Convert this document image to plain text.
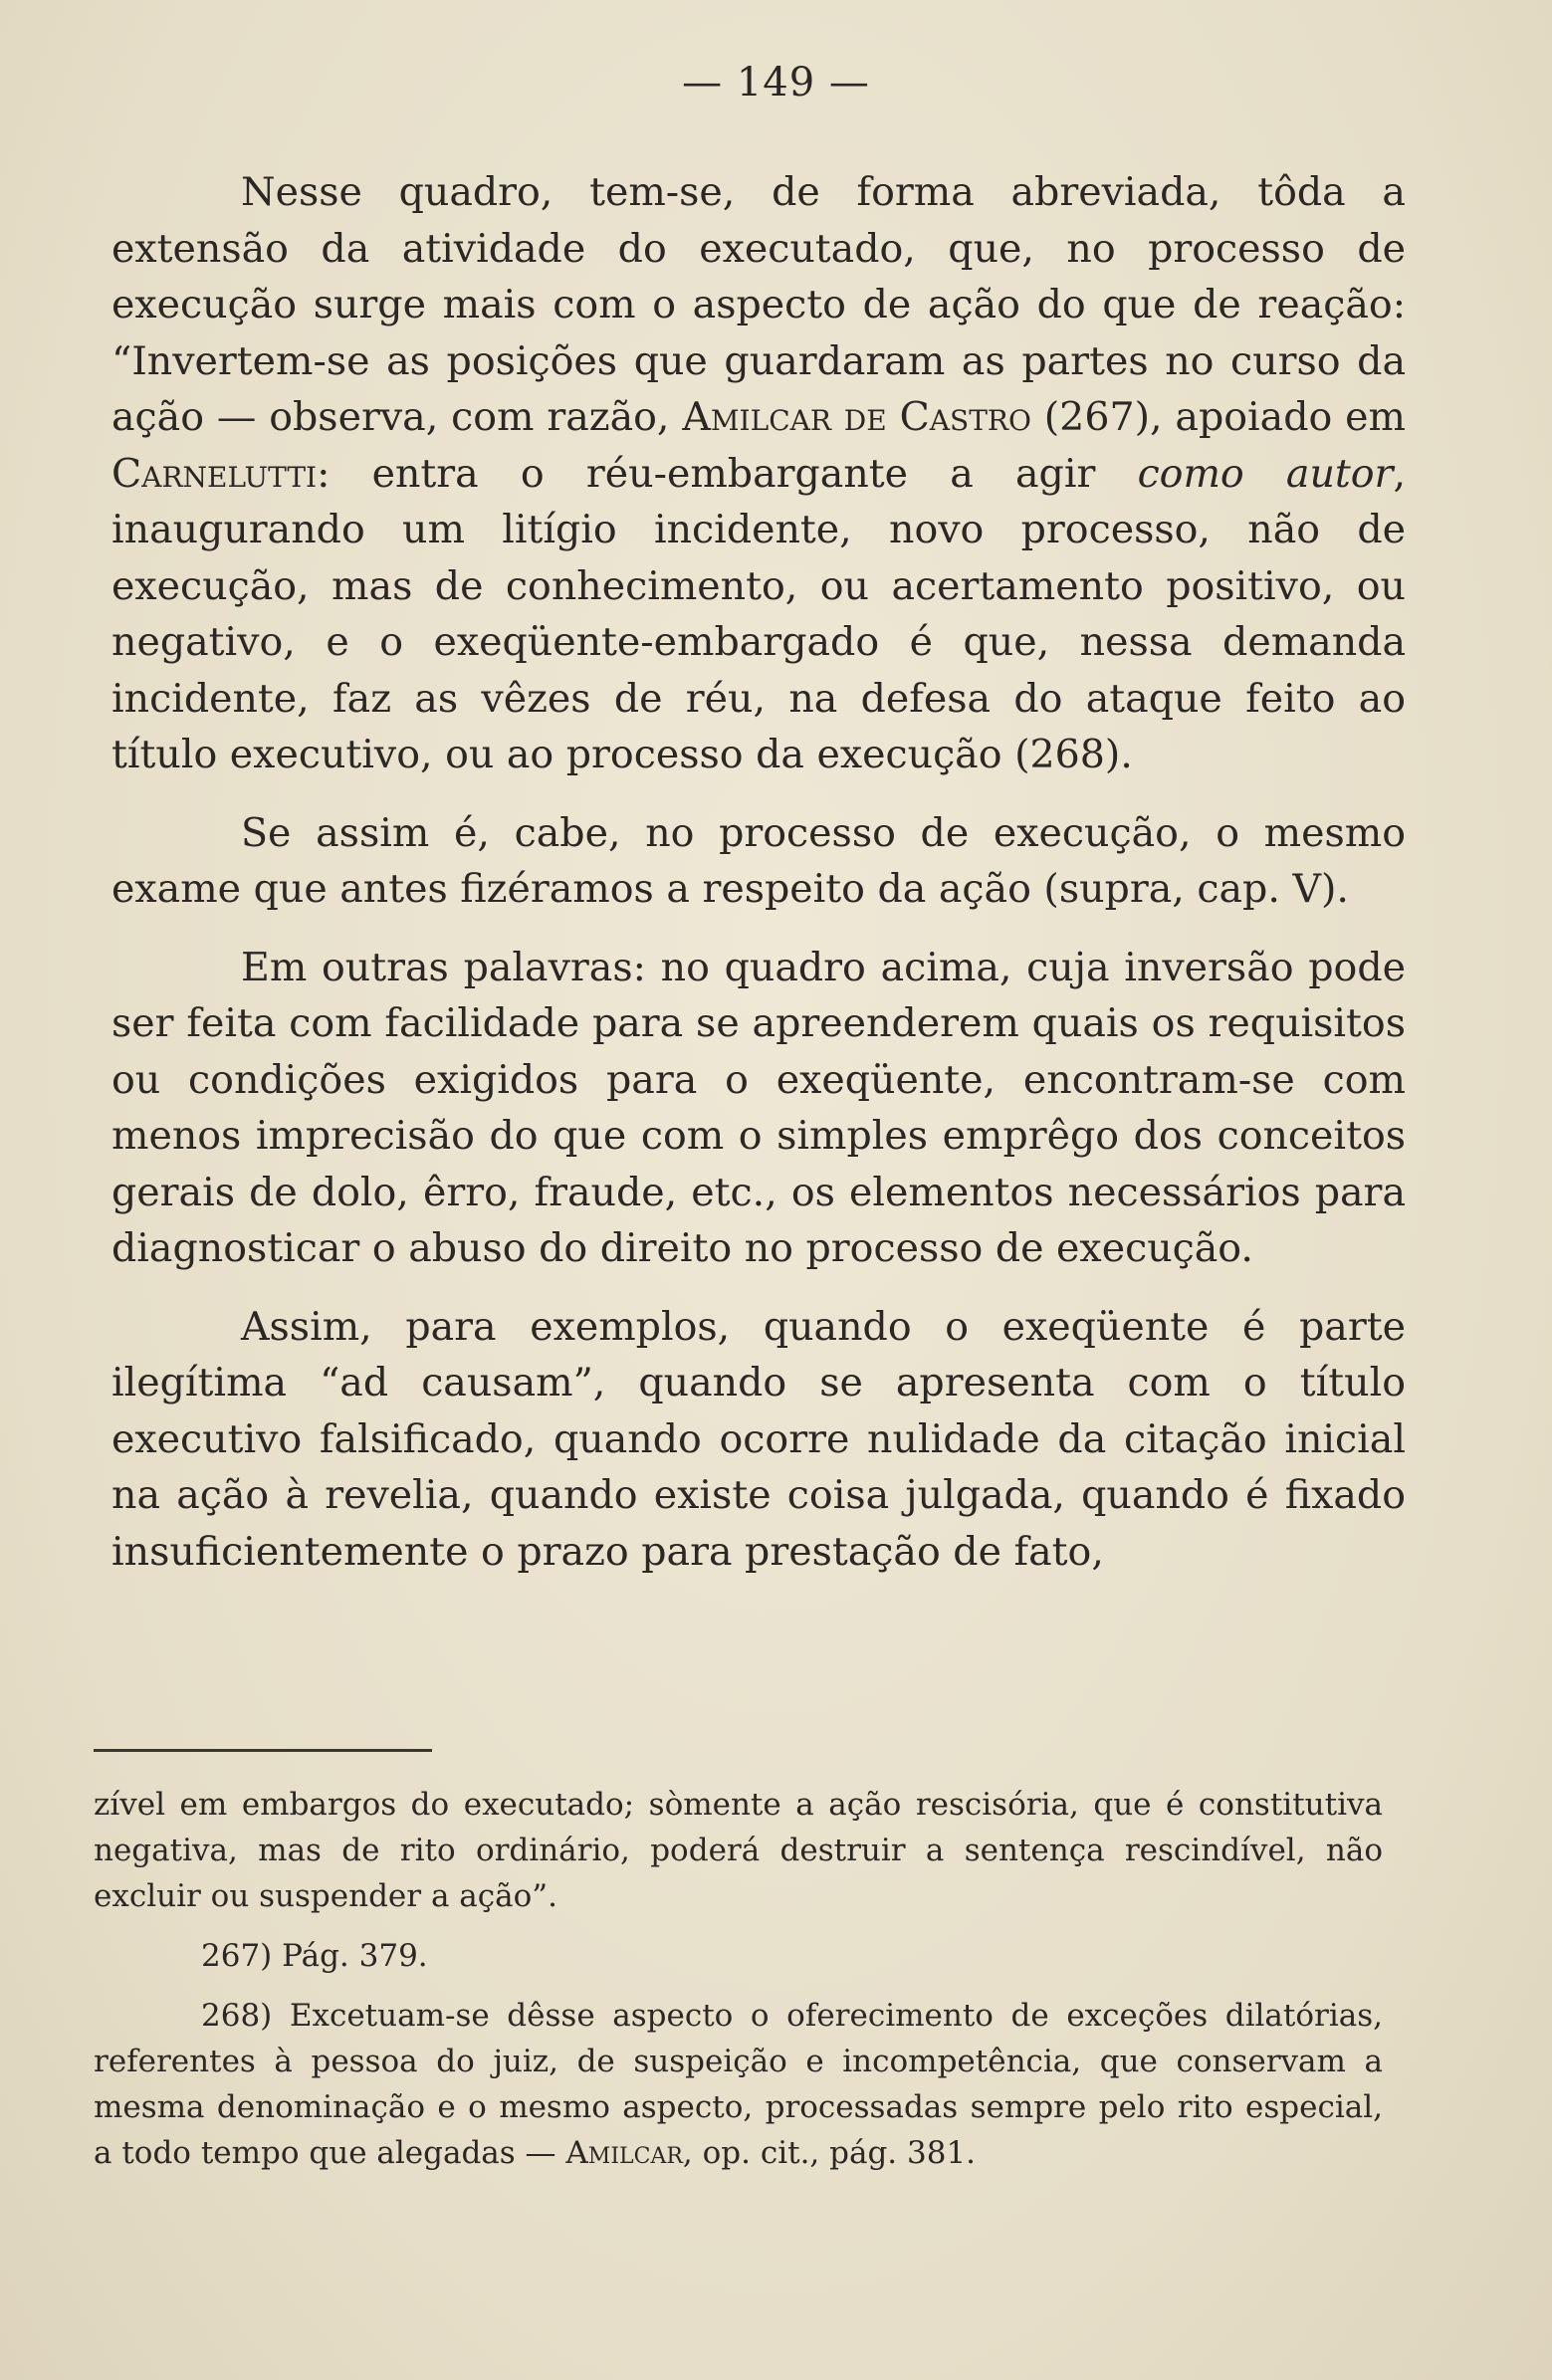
— 149 —

Nesse quadro, tem-se, de forma abreviada, tôda a extensão da atividade do executado, que, no processo de execução surge mais com o aspecto de ação do que de reação: “Invertem-se as posições que guardaram as partes no curso da ação — observa, com razão, Amilcar de Castro (267), apoiado em Carnelutti: entra o réu-embargante a agir como autor, inaugurando um litígio incidente, novo processo, não de execução, mas de conhecimento, ou acertamento positivo, ou negativo, e o exeqüente-embargado é que, nessa demanda incidente, faz as vêzes de réu, na defesa do ataque feito ao título executivo, ou ao processo da execução (268).

Se assim é, cabe, no processo de execução, o mesmo exame que antes fizéramos a respeito da ação (supra, cap. V).

Em outras palavras: no quadro acima, cuja inversão pode ser feita com facilidade para se apreenderem quais os requisitos ou condições exigidos para o exeqüente, encontram-se com menos imprecisão do que com o simples emprêgo dos conceitos gerais de dolo, êrro, fraude, etc., os elementos necessários para diagnosticar o abuso do direito no processo de execução.

Assim, para exemplos, quando o exeqüente é parte ilegítima “ad causam”, quando se apresenta com o título executivo falsificado, quando ocorre nulidade da citação inicial na ação à revelia, quando existe coisa julgada, quando é fixado insuficientemente o prazo para prestação de fato,

zível em embargos do executado; sòmente a ação rescisória, que é constitutiva negativa, mas de rito ordinário, poderá destruir a sentença rescindível, não excluir ou suspender a ação”.

267) Pág. 379.

268) Excetuam-se dêsse aspecto o oferecimento de exceções dilatórias, referentes à pessoa do juiz, de suspeição e incompetência, que conservam a mesma denominação e o mesmo aspecto, processadas sempre pelo rito especial, a todo tempo que alegadas — Amilcar, op. cit., pág. 381.
